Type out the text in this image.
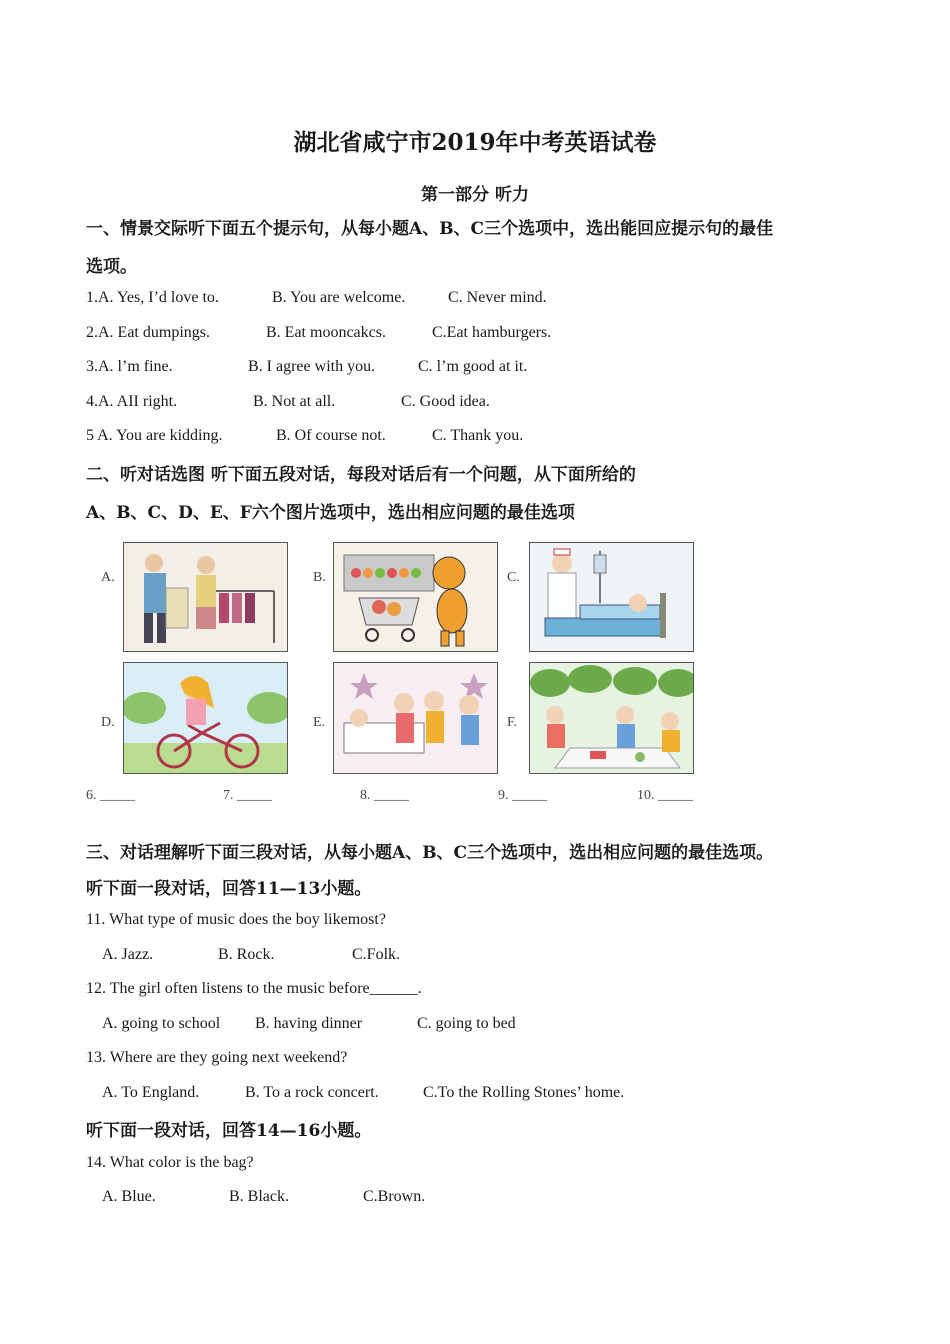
湖北省咸宁市2019年中考英语试卷
第一部分 听力
一、情景交际听下面五个提示句，从每小题A、B、C三个选项中，选出能回应提示句的最佳
选项。
1.A. Yes, I’d love to.	B. You are welcome.	C. Never mind.
2.A. Eat dumpings.	B. Eat mooncakcs.	C.Eat hamburgers.
3.A. l’m fine.	B. I agree with you.	C. l’m good at it.
4.A. AII right.	B. Not at all.	C. Good idea.
5 A. You are kidding.	B. Of course not.	C. Thank you.
二、听对话选图 听下面五段对话，每段对话后有一个问题，从下面所给的
A、B、C、D、E、F六个图片选项中，选出相应问题的最佳选项
A.	B.	C.
D.	E.	F.
6. _____	7. _____	8. _____	9. _____	10. _____
三、对话理解听下面三段对话，从每小题A、B、C三个选项中，选出相应问题的最佳选项。
听下面一段对话，回答11—13小题。
11. What type of music does the boy likemost?
A. Jazz.	B. Rock.	C.Folk.
12. The girl often listens to the music before______.
A. going to school B. having dinner	C. going to bed
13. Where are they going next weekend?
A. To England.	B. To a rock concert.	C.To the Rolling Stones’ home.
听下面一段对话，回答14—16小题。
14. What color is the bag?
A. Blue.	B. Black.	C.Brown.
